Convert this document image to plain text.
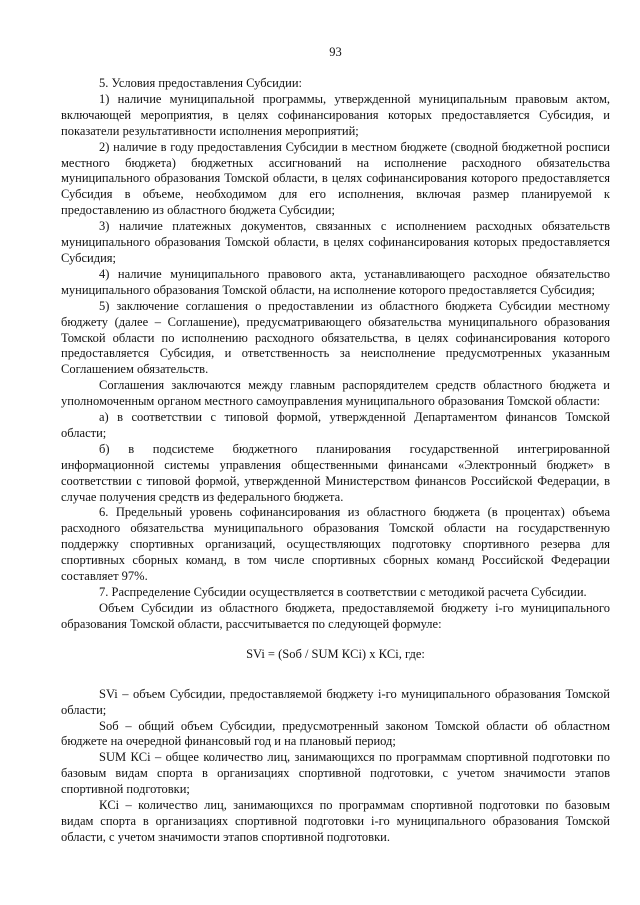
93

5. Условия предоставления Субсидии:

1) наличие муниципальной программы, утвержденной муниципальным правовым актом, включающей мероприятия, в целях софинансирования которых предоставляется Субсидия, и показатели результативности исполнения мероприятий;

2) наличие в году предоставления Субсидии в местном бюджете (сводной бюджетной росписи местного бюджета) бюджетных ассигнований на исполнение расходного обязательства муниципального образования Томской области, в целях софинансирования которого предоставляется Субсидия в объеме, необходимом для его исполнения, включая размер планируемой к предоставлению из областного бюджета Субсидии;

3) наличие платежных документов, связанных с исполнением расходных обязательств муниципального образования Томской области, в целях софинансирования которых предоставляется Субсидия;

4) наличие муниципального правового акта, устанавливающего расходное обязательство муниципального образования Томской области, на исполнение которого предоставляется Субсидия;

5) заключение соглашения о предоставлении из областного бюджета Субсидии местному бюджету (далее – Соглашение), предусматривающего обязательства муниципального образования Томской области по исполнению расходного обязательства, в целях софинансирования которого предоставляется Субсидия, и ответственность за неисполнение предусмотренных указанным Соглашением обязательств.

Соглашения заключаются между главным распорядителем средств областного бюджета и уполномоченным органом местного самоуправления муниципального образования Томской области:

а) в соответствии с типовой формой, утвержденной Департаментом финансов Томской области;

б) в подсистеме бюджетного планирования государственной интегрированной информационной системы управления общественными финансами «Электронный бюджет» в соответствии с типовой формой, утвержденной Министерством финансов Российской Федерации, в случае получения средств из федерального бюджета.

6. Предельный уровень софинансирования из областного бюджета (в процентах) объема расходного обязательства муниципального образования Томской области на государственную поддержку спортивных организаций, осуществляющих подготовку спортивного резерва для спортивных сборных команд, в том числе спортивных сборных команд Российской Федерации составляет 97%.

7. Распределение Субсидии осуществляется в соответствии с методикой расчета Субсидии.

Объем Субсидии из областного бюджета, предоставляемой бюджету i-го муниципального образования Томской области, рассчитывается по следующей формуле:

SVi = (Sоб / SUM КCi) x КCi, где:

SVi – объем Субсидии, предоставляемой бюджету i-го муниципального образования Томской области;

Sоб – общий объем Субсидии, предусмотренный законом Томской области об областном бюджете на очередной финансовый год и на плановый период;

SUM КCi – общее количество лиц, занимающихся по программам спортивной подготовки по базовым видам спорта в организациях спортивной подготовки, с учетом значимости этапов спортивной подготовки;

КCi – количество лиц, занимающихся по программам спортивной подготовки по базовым видам спорта в организациях спортивной подготовки i-го муниципального образования Томской области, с учетом значимости этапов спортивной подготовки.
